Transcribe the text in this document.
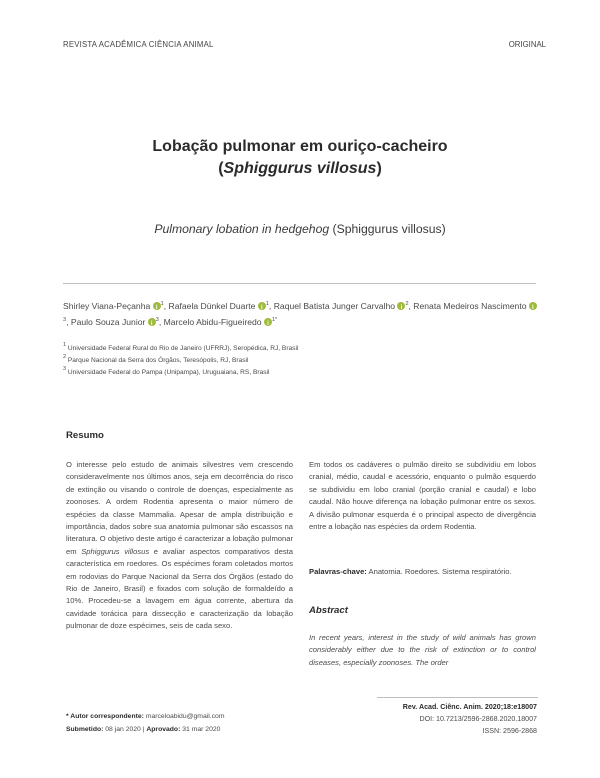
REVISTA ACADÊMICA CIÊNCIA ANIMAL	ORIGINAL
Lobação pulmonar em ouriço-cacheiro
(Sphiggurus villosus)
Pulmonary lobation in hedgehog (Sphiggurus villosus)
Shirley Viana-Peçanha i $^1$, Rafaela Dünkel Duarte i $^1$, Raquel Batista Junger Carvalho i $^2$, Renata Medeiros Nascimento $i^3$, Paulo Souza Junior i $^3$, Marcelo Abidu-Figueiredo i $^{1*}$
$^1$ Universidade Federal Rural do Rio de Janeiro (UFRRJ), Seropédica, RJ, Brasil
$^2$ Parque Nacional da Serra dos Órgãos, Teresópolis, RJ, Brasil
$^3$ Universidade Federal do Pampa (Unipampa), Uruguaiana, RS, Brasil
Resumo
O interesse pelo estudo de animais silvestres vem crescendo consideravelmente nos últimos anos, seja em decorrência do risco de extinção ou visando o controle de doenças, especialmente as zoonoses. A ordem Rodentia apresenta o maior número de espécies da classe Mammalia. Apesar de ampla distribuição e importância, dados sobre sua anatomia pulmonar são escassos na literatura. O objetivo deste artigo é caracterizar a lobação pulmonar em Sphiggurus villosus e avaliar aspectos comparativos desta característica em roedores. Os espécimes foram coletados mortos em rodovias do Parque Nacional da Serra dos Órgãos (estado do Rio de Janeiro, Brasil) e fixados com solução de formaldeído a 10%. Procedeu-se a lavagem em água corrente, abertura da cavidade torácica para dissecção e caracterização da lobação pulmonar de doze espécimes, seis de cada sexo.
Em todos os cadáveres o pulmão direito se subdividiu em lobos cranial, médio, caudal e acessório, enquanto o pulmão esquerdo se subdividiu em lobo cranial (porção cranial e caudal) e lobo caudal. Não houve diferença na lobação pulmonar entre os sexos. A divisão pulmonar esquerda é o principal aspecto de divergência entre a lobação nas espécies da ordem Rodentia.
Palavras-chave: Anatomia. Roedores. Sistema respiratório.
Abstract
In recent years, interest in the study of wild animals has grown considerably either due to the risk of extinction or to control diseases, especially zoonoses. The order
* Autor correspondente: marceloabidu@gmail.com
Submetido: 08 jan 2020 | Aprovado: 31 mar 2020
Rev. Acad. Ciênc. Anim. 2020;18:e18007
DOI: 10.7213/2596-2868.2020.18007
ISSN: 2596-2868
